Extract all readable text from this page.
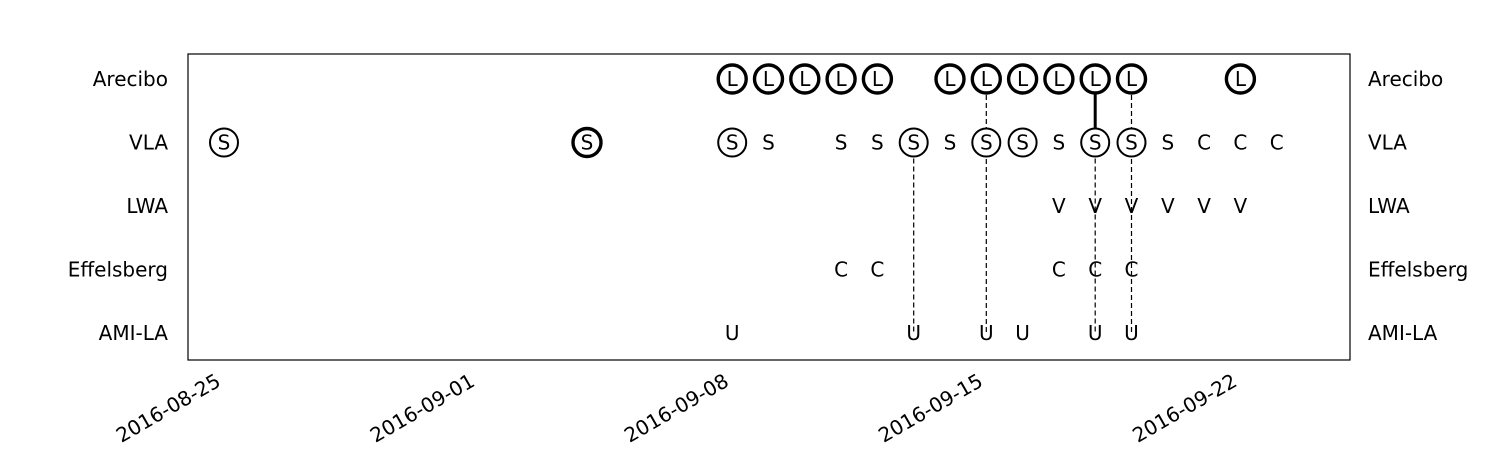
L L L L L	L L L L L L	L
S	S	S S	S S S S S S S S S S C C C
V V V V V V
C C	C C C
U	U	U U	U U
Arecibo	Arecibo
VLA	VLA
LWA	LWA
Effelsberg	Effelsberg
AMI-LA	AMI-LA
2016-08-25	2016-09-01	2016-09-08	2016-09-15	2016-09-22
